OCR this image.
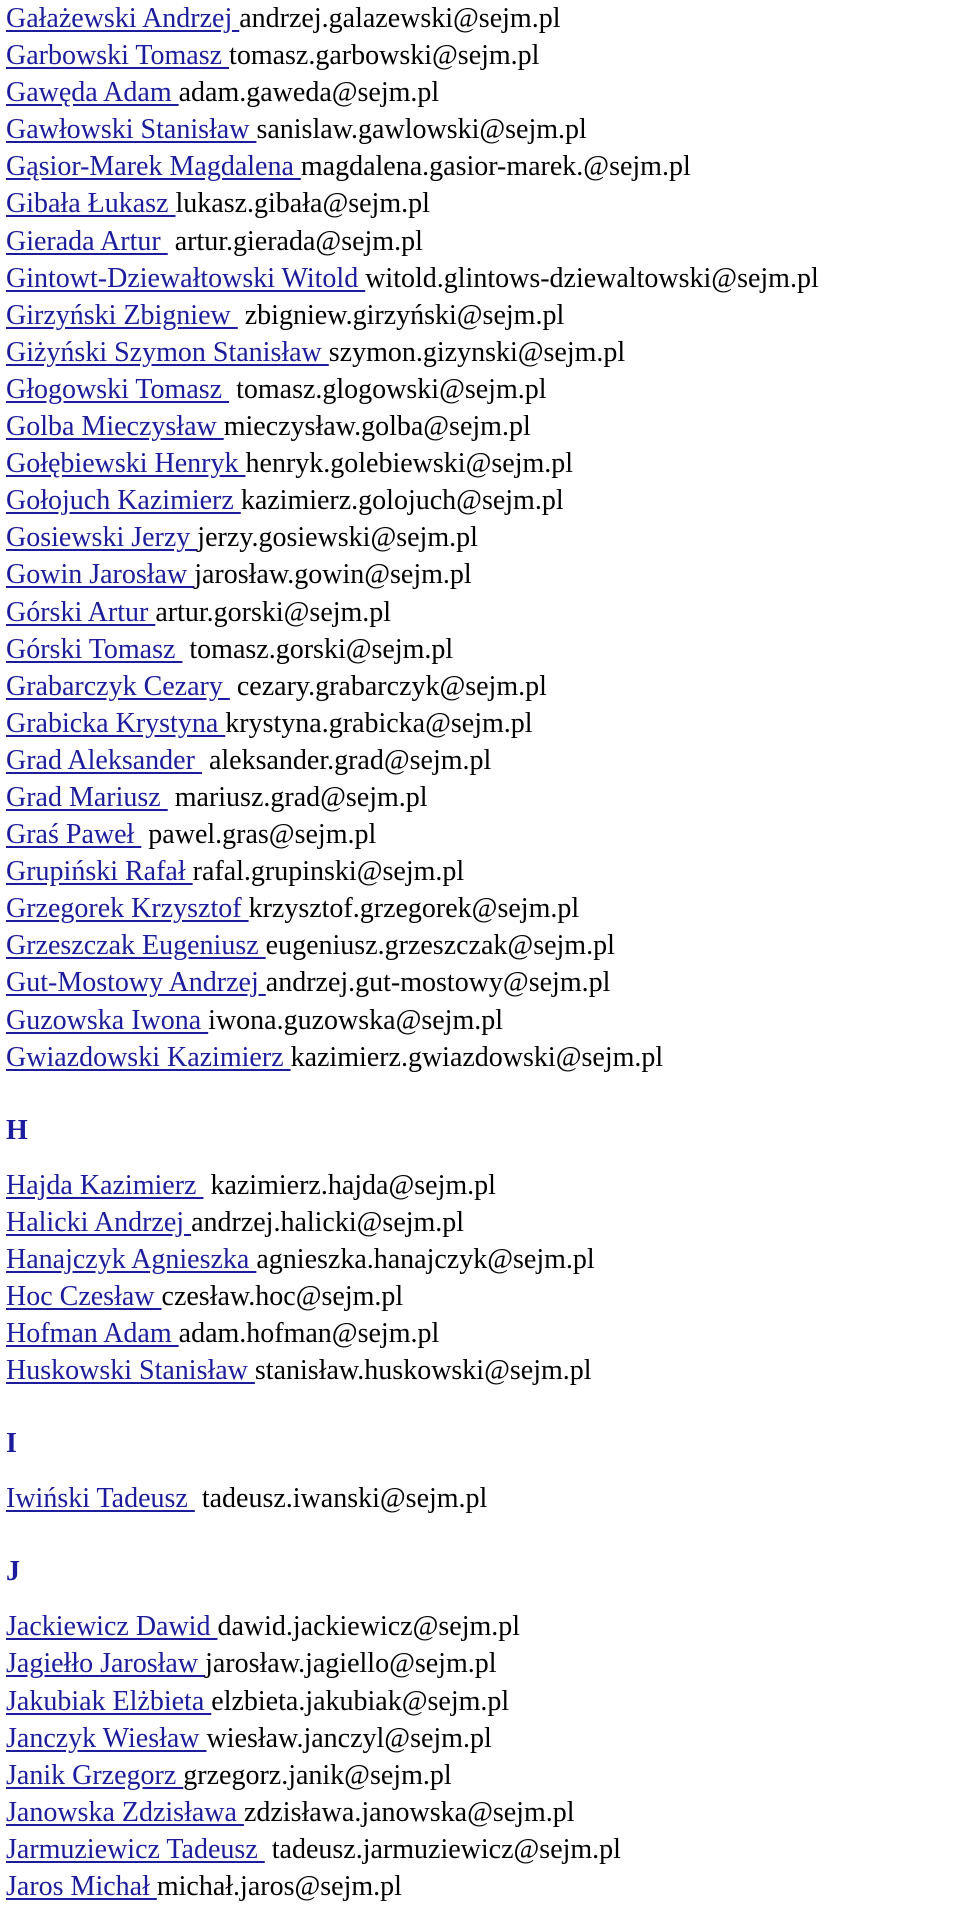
Gałażewski Andrzej andrzej.galazewski@sejm.pl
Garbowski Tomasz tomasz.garbowski@sejm.pl
Gawęda Adam adam.gaweda@sejm.pl
Gawłowski Stanisław sanislaw.gawlowski@sejm.pl
Gąsior-Marek Magdalena magdalena.gasior-marek.@sejm.pl
Gibała Łukasz lukasz.gibała@sejm.pl
Gierada Artur  artur.gierada@sejm.pl
Gintowt-Dziewałtowski Witold witold.glintows-dziewaltowski@sejm.pl
Girzyński Zbigniew  zbigniew.girzyński@sejm.pl
Giżyński Szymon Stanisław szymon.gizynski@sejm.pl
Głogowski Tomasz  tomasz.glogowski@sejm.pl
Golba Mieczysław mieczysław.golba@sejm.pl
Gołębiewski Henryk henryk.golebiewski@sejm.pl
Gołojuch Kazimierz kazimierz.golojuch@sejm.pl
Gosiewski Jerzy jerzy.gosiewski@sejm.pl
Gowin Jarosław jarosław.gowin@sejm.pl
Górski Artur artur.gorski@sejm.pl
Górski Tomasz  tomasz.gorski@sejm.pl
Grabarczyk Cezary  cezary.grabarczyk@sejm.pl
Grabicka Krystyna krystyna.grabicka@sejm.pl
Grad Aleksander  aleksander.grad@sejm.pl
Grad Mariusz  mariusz.grad@sejm.pl
Graś Paweł  pawel.gras@sejm.pl
Grupiński Rafał rafal.grupinski@sejm.pl
Grzegorek Krzysztof krzysztof.grzegorek@sejm.pl
Grzeszczak Eugeniusz eugeniusz.grzeszczak@sejm.pl
Gut-Mostowy Andrzej andrzej.gut-mostowy@sejm.pl
Guzowska Iwona iwona.guzowska@sejm.pl
Gwiazdowski Kazimierz kazimierz.gwiazdowski@sejm.pl
H
Hajda Kazimierz  kazimierz.hajda@sejm.pl
Halicki Andrzej andrzej.halicki@sejm.pl
Hanajczyk Agnieszka agnieszka.hanajczyk@sejm.pl
Hoc Czesław czesław.hoc@sejm.pl
Hofman Adam adam.hofman@sejm.pl
Huskowski Stanisław stanisław.huskowski@sejm.pl
I
Iwiński Tadeusz  tadeusz.iwanski@sejm.pl
J
Jackiewicz Dawid dawid.jackiewicz@sejm.pl
Jagiełło Jarosław jarosław.jagiello@sejm.pl
Jakubiak Elżbieta elzbieta.jakubiak@sejm.pl
Janczyk Wiesław wiesław.janczyl@sejm.pl
Janik Grzegorz grzegorz.janik@sejm.pl
Janowska Zdzisława zdzisława.janowska@sejm.pl
Jarmuziewicz Tadeusz  tadeusz.jarmuziewicz@sejm.pl
Jaros Michał michał.jaros@sejm.pl
